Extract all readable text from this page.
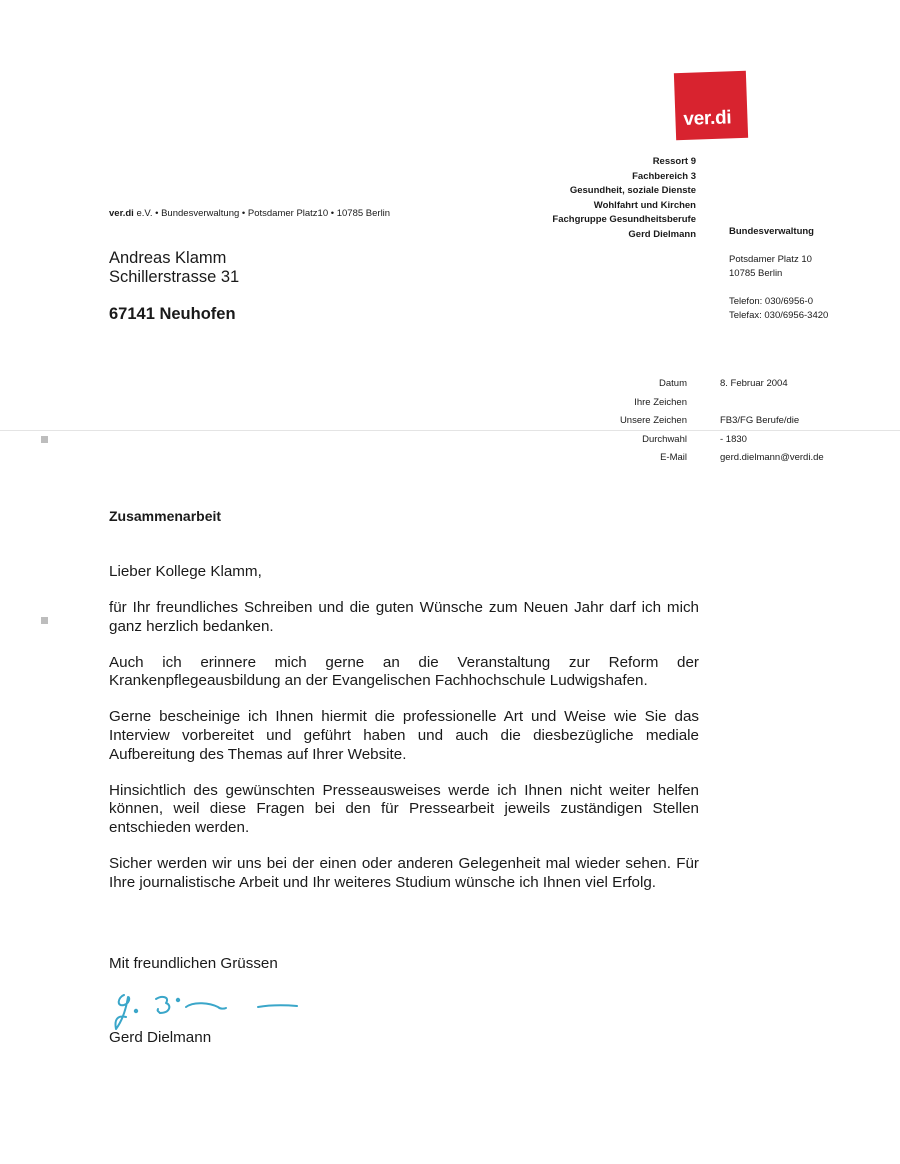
ver.di
Ressort 9
Fachbereich 3
Gesundheit, soziale Dienste
Wohlfahrt und Kirchen
Fachgruppe Gesundheitsberufe
Gerd Dielmann
ver.di e.V. • Bundesverwaltung • Potsdamer Platz10 • 10785 Berlin
Bundesverwaltung
Potsdamer Platz 10
10785 Berlin
Telefon: 030/6956-0
Telefax: 030/6956-3420
Andreas Klamm
Schillerstrasse 31
67141 Neuhofen
Datum	8. Februar 2004
Ihre Zeichen
Unsere Zeichen	FB3/FG Berufe/die
Durchwahl	- 1830
E-Mail	gerd.dielmann@verdi.de
Zusammenarbeit

Lieber Kollege Klamm,

für Ihr freundliches Schreiben und die guten Wünsche zum Neuen Jahr darf ich mich ganz herzlich bedanken.

Auch ich erinnere mich gerne an die Veranstaltung zur Reform der Krankenpflegeausbildung an der Evangelischen Fachhochschule Ludwigshafen.

Gerne bescheinige ich Ihnen hiermit die professionelle Art und Weise wie Sie das Interview vorbereitet und geführt haben und auch die diesbezügliche mediale Aufbereitung des Themas auf Ihrer Website.

Hinsichtlich des gewünschten Presseausweises werde ich Ihnen nicht weiter helfen können, weil diese Fragen bei den für Pressearbeit jeweils zuständigen Stellen entschieden werden.

Sicher werden wir uns bei der einen oder anderen Gelegenheit mal wieder sehen. Für Ihre journalistische Arbeit und Ihr weiteres Studium wünsche ich Ihnen viel Erfolg.

Mit freundlichen Grüssen
Gerd Dielmann
